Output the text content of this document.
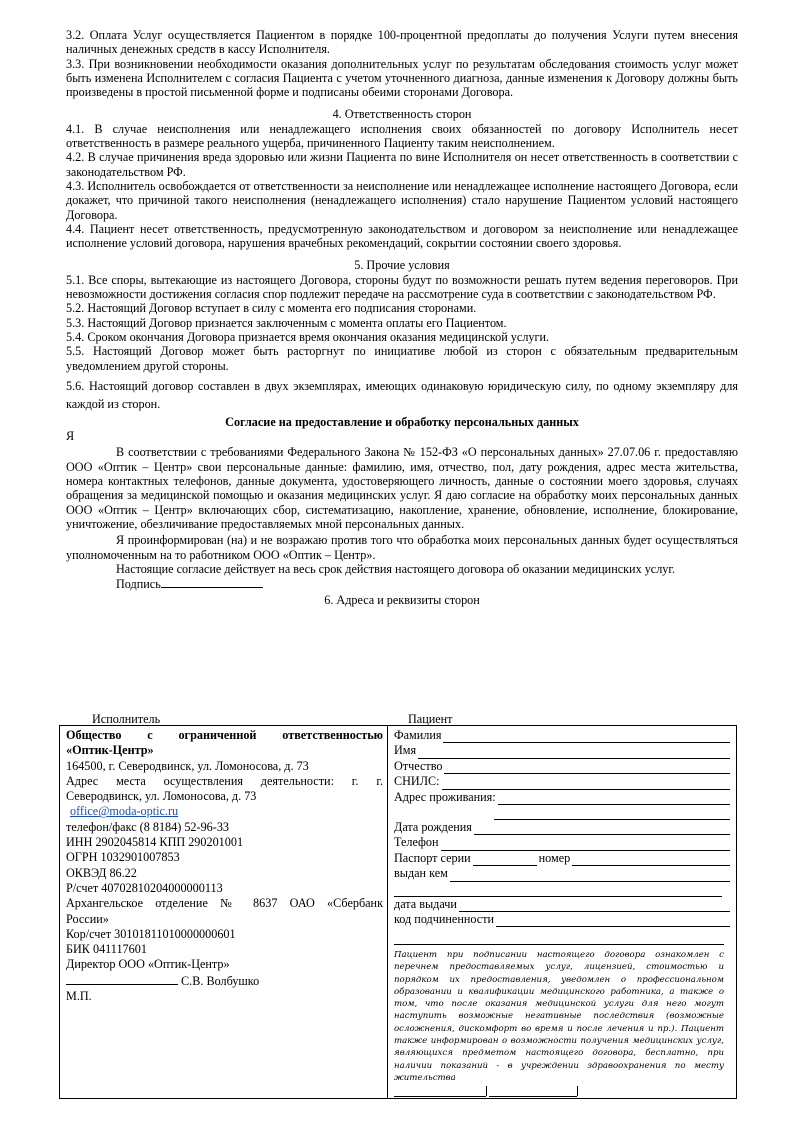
3.2. Оплата Услуг осуществляется Пациентом в порядке 100-процентной предоплаты до получения Услуги путем внесения наличных денежных средств в кассу Исполнителя.

3.3. При возникновении необходимости оказания дополнительных услуг по результатам обследования стоимость услуг может быть изменена Исполнителем с согласия Пациента с учетом уточненного диагноза, данные изменения к Договору должны быть произведены в простой письменной форме и подписаны обеими сторонами Договора.

4. Ответственность сторон

4.1. В случае неисполнения или ненадлежащего исполнения своих обязанностей по договору Исполнитель несет ответственность в размере реального ущерба, причиненного Пациенту таким неисполнением.

4.2. В случае причинения вреда здоровью или жизни Пациента по вине Исполнителя он несет ответственность в соответствии с законодательством РФ.

4.3. Исполнитель освобождается от ответственности за неисполнение или ненадлежащее исполнение настоящего Договора, если докажет, что причиной такого неисполнения (ненадлежащего исполнения) стало нарушение Пациентом условий настоящего Договора.

4.4. Пациент несет ответственность, предусмотренную законодательством и договором за неисполнение или ненадлежащее исполнение условий договора, нарушения врачебных рекомендаций, сокрытии состоянии своего здоровья.

5. Прочие условия

5.1. Все споры, вытекающие из настоящего Договора, стороны будут по возможности решать путем ведения переговоров. При невозможности достижения согласия спор подлежит передаче на рассмотрение суда в соответствии с законодательством РФ.

5.2. Настоящий Договор вступает в силу с момента его подписания сторонами.

5.3. Настоящий Договор признается заключенным с момента оплаты его Пациентом.

5.4. Сроком окончания Договора признается время окончания оказания медицинской услуги.

5.5. Настоящий Договор может быть расторгнут по инициативе любой из сторон с обязательным предварительным уведомлением другой стороны.

5.6. Настоящий договор составлен в двух экземплярах, имеющих одинаковую юридическую силу, по одному экземпляру для каждой из сторон.

Согласие на предоставление и обработку персональных данных

Я

В соответствии с требованиями Федерального Закона № 152-ФЗ «О персональных данных» 27.07.06 г. предоставляю ООО «Оптик – Центр» свои персональные данные: фамилию, имя, отчество, пол, дату рождения, адрес места жительства, номера контактных телефонов, данные документа, удостоверяющего личность, данные о состоянии моего здоровья, случаях обращения за медицинской помощью и оказания медицинских услуг. Я даю согласие на обработку моих персональных данных ООО «Оптик – Центр» включающих сбор, систематизацию, накопление, хранение, обновление, исполнение, блокирование, уничтожение, обезличивание предоставляемых мной персональных данных.

Я проинформирован (на) и не возражаю против того что обработка моих персональных данных будет осуществляться уполномоченным на то работником ООО «Оптик – Центр».

Настоящие согласие действует на весь срок действия настоящего договора об оказании медицинских услуг.

Подпись

6. Адреса и реквизиты сторон

Исполнитель	Пациент
Общество с ограниченной ответственностью
«Оптик-Центр»
164500, г. Северодвинск, ул. Ломоносова, д. 73
Адрес места осуществления деятельности: г. г.
Северодвинск, ул. Ломоносова, д. 73
office@moda-optic.ru
телефон/факс (8 8184) 52-96-33
ИНН 2902045814 КПП 290201001
ОГРН 1032901007853
ОКВЭД 86.22
Р/счет 40702810204000000113
Архангельское отделение № 8637 ОАО «Сбербанк
России»
Кор/счет 30101811010000000601
БИК 041117601
Директор ООО «Оптик-Центр»
С.В. Волбушко
М.П.
Фамилия
Имя
Отчество
СНИЛС:
Адрес проживания:
Дата рождения
Телефон
Паспорт серии	номер
выдан кем
дата выдачи
код подчиненности
Пациент при подписании настоящего договора ознакомлен с перечнем предоставляемых услуг, лицензией, стоимостью и порядком их предоставления, уведомлен о профессиональном образовании и квалификации медицинского работника, а также о том, что после оказания медицинской услуги для него могут наступить возможные негативные последствия (возможные осложнения, дискомфорт во время и после лечения и пр.). Пациент также информирован о возможности получения медицинских услуг, являющихся предметом настоящего договора, бесплатно, при наличии показаний - в учреждении здравоохранения по месту жительства
